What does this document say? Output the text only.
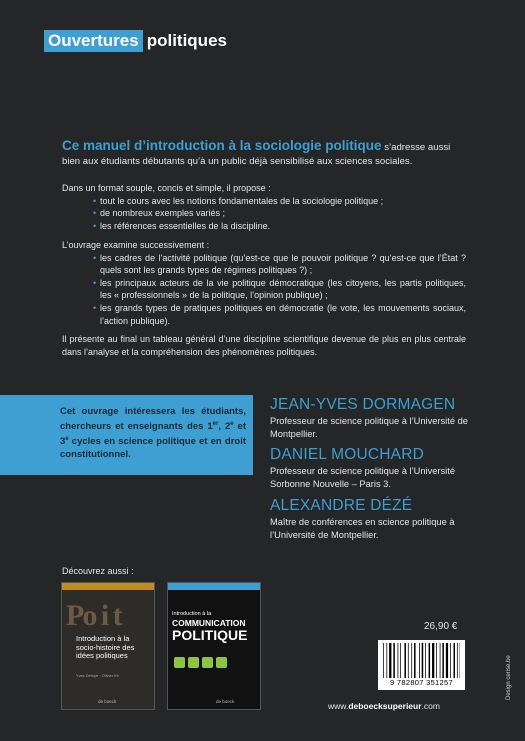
Ouvertures politiques
Ce manuel d’introduction à la sociologie politique s’adresse aussi bien aux étudiants débutants qu’à un public déjà sensibilisé aux sciences sociales.
Dans un format souple, concis et simple, il propose :
• tout le cours avec les notions fondamentales de la sociologie politique ;
• de nombreux exemples variés ;
• les références essentielles de la discipline.
L’ouvrage examine successivement :
• les cadres de l’activité politique (qu’est-ce que le pouvoir politique ? qu’est-ce que l’État ? quels sont les grands types de régimes politiques ?) ;
• les principaux acteurs de la vie politique démocratique (les citoyens, les partis politiques, les « professionnels » de la politique, l’opinion publique) ;
• les grands types de pratiques politiques en démocratie (le vote, les mouvements sociaux, l’action publique).
Il présente au final un tableau général d’une discipline scientifique devenue de plus en plus centrale dans l’analyse et la compréhension des phénomènes politiques.
Cet ouvrage intéressera les étudiants, chercheurs et enseignants des 1er, 2e et 3e cycles en science politique et en droit constitutionnel.
JEAN-YVES DORMAGEN
Professeur de science politique à l’Université de Montpellier.
DANIEL MOUCHARD
Professeur de science politique à l’Université Sorbonne Nouvelle – Paris 3.
ALEXANDRE DÉZÉ
Maître de conférences en science politique à l’Université de Montpellier.
Découvrez aussi :
Po i t
Introduction à la socio-histoire des idées politiques
Yves Déloye · Olivier Ihl
de boeck
Introduction à la
COMMUNICATION
POLITIQUE
de boeck
26,90 €
9 782807 351257
www.deboecksuperieur.com
Design cerise.be
